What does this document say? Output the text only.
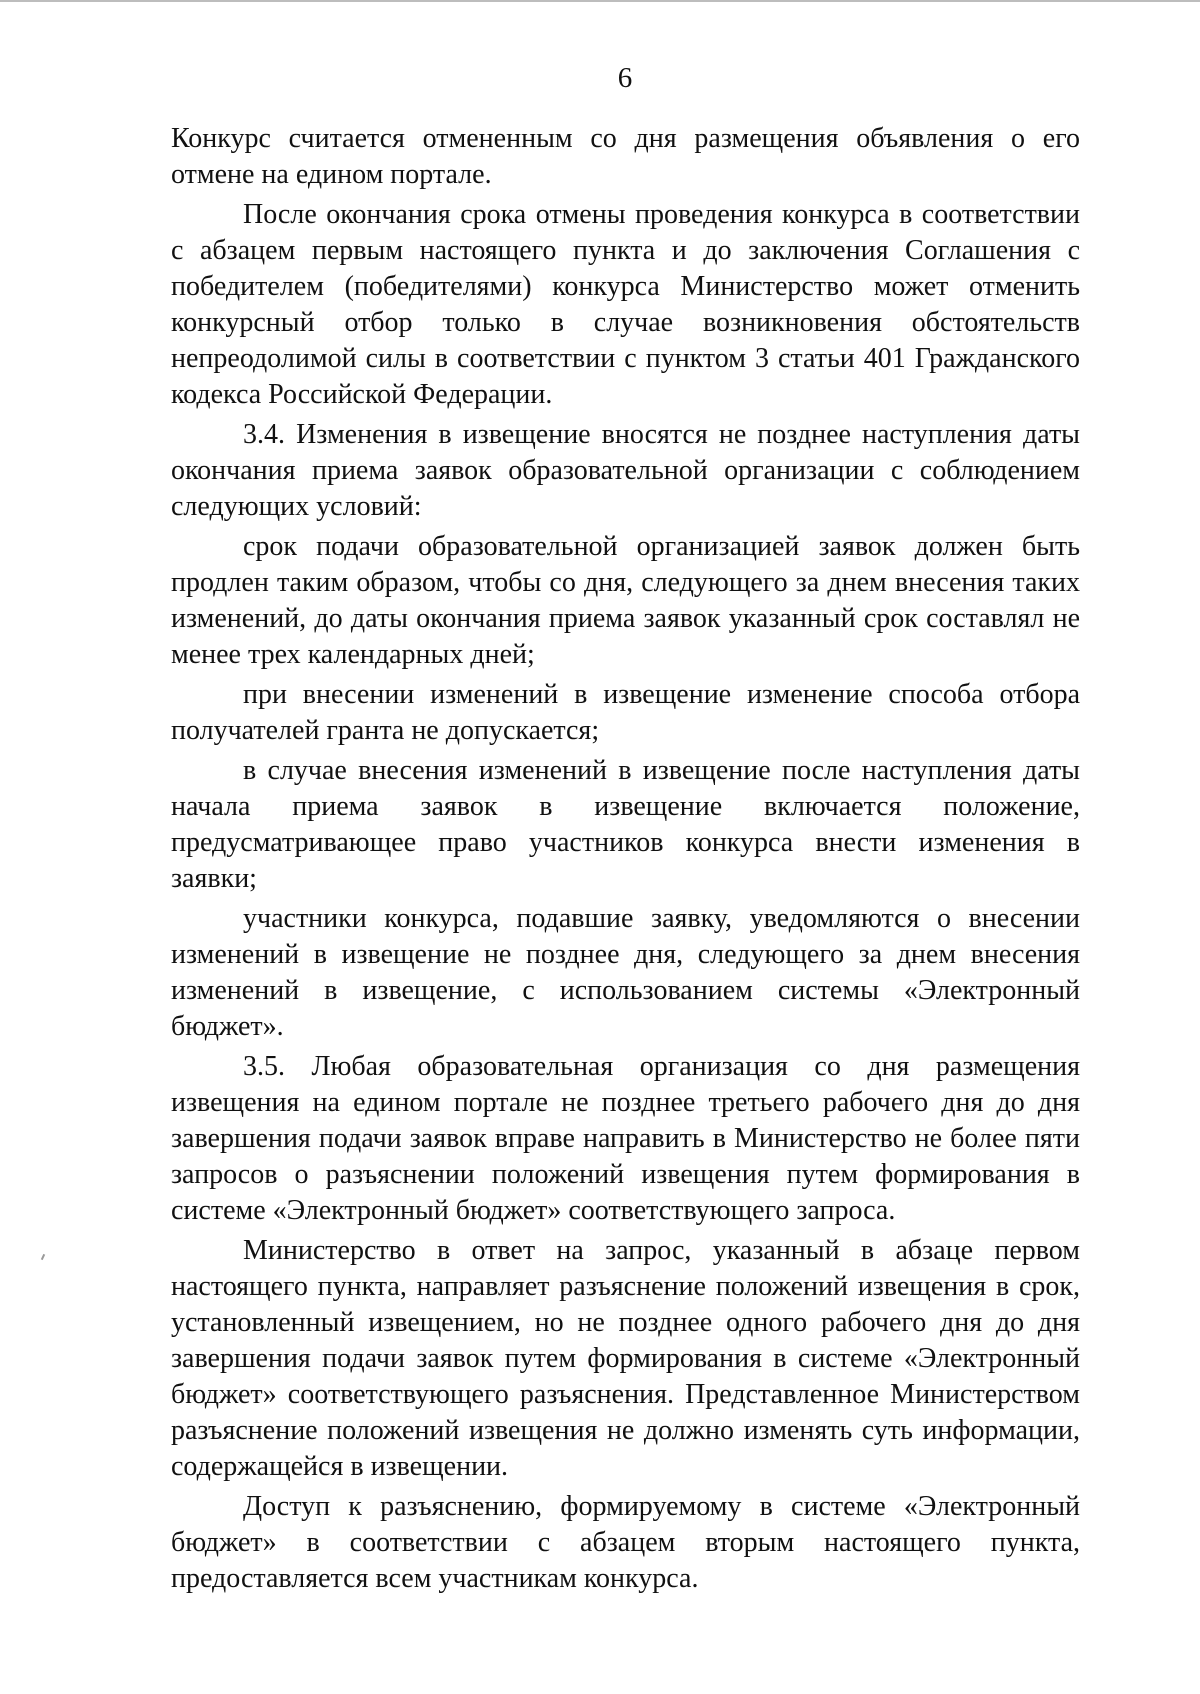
6

Конкурс считается отмененным со дня размещения объявления о его отмене на едином портале.

После окончания срока отмены проведения конкурса в соответствии с абзацем первым настоящего пункта и до заключения Соглашения с победителем (победителями) конкурса Министерство может отменить конкурсный отбор только в случае возникновения обстоятельств непреодолимой силы в соответствии с пунктом 3 статьи 401 Гражданского кодекса Российской Федерации.

3.4. Изменения в извещение вносятся не позднее наступления даты окончания приема заявок образовательной организации с соблюдением следующих условий:

срок подачи образовательной организацией заявок должен быть продлен таким образом, чтобы со дня, следующего за днем внесения таких изменений, до даты окончания приема заявок указанный срок составлял не менее трех календарных дней;

при внесении изменений в извещение изменение способа отбора получателей гранта не допускается;

в случае внесения изменений в извещение после наступления даты начала приема заявок в извещение включается положение, предусматривающее право участников конкурса внести изменения в заявки;

участники конкурса, подавшие заявку, уведомляются о внесении изменений в извещение не позднее дня, следующего за днем внесения изменений в извещение, с использованием системы «Электронный бюджет».

3.5. Любая образовательная организация со дня размещения извещения на едином портале не позднее третьего рабочего дня до дня завершения подачи заявок вправе направить в Министерство не более пяти запросов о разъяснении положений извещения путем формирования в системе «Электронный бюджет» соответствующего запроса.

Министерство в ответ на запрос, указанный в абзаце первом настоящего пункта, направляет разъяснение положений извещения в срок, установленный извещением, но не позднее одного рабочего дня до дня завершения подачи заявок путем формирования в системе «Электронный бюджет» соответствующего разъяснения. Представленное Министерством разъяснение положений извещения не должно изменять суть информации, содержащейся в извещении.

Доступ к разъяснению, формируемому в системе «Электронный бюджет» в соответствии с абзацем вторым настоящего пункта, предоставляется всем участникам конкурса.
